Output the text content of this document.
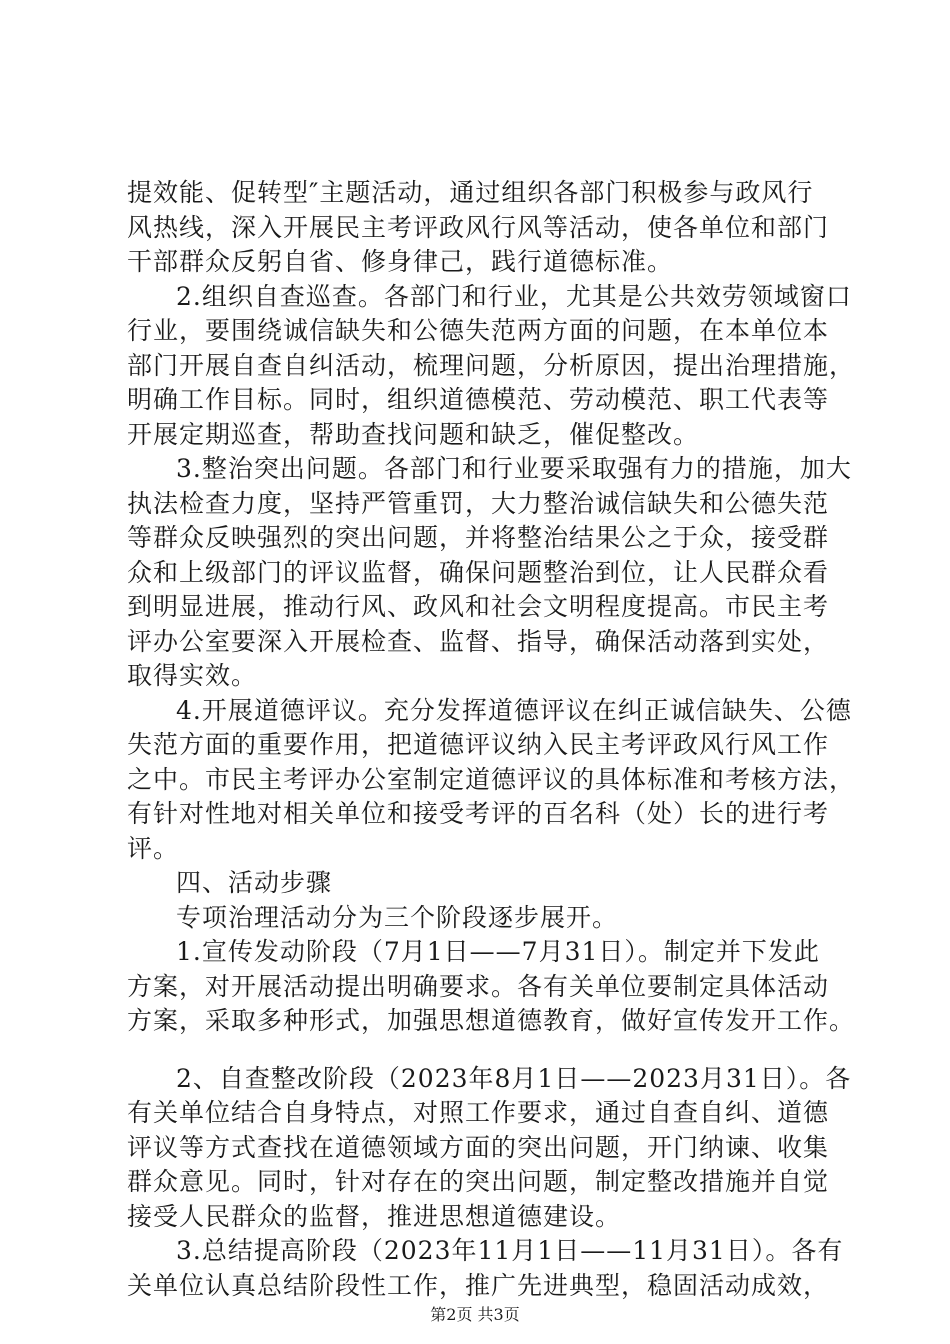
提效能、促转型″主题活动，通过组织各部门积极参与政风行
风热线，深入开展民主考评政风行风等活动，使各单位和部门
干部群众反躬自省、修身律己，践行道德标准。
2.组织自查巡查。各部门和行业，尤其是公共效劳领域窗口
行业，要围绕诚信缺失和公德失范两方面的问题，在本单位本
部门开展自查自纠活动，梳理问题，分析原因，提出治理措施，
明确工作目标。同时，组织道德模范、劳动模范、职工代表等
开展定期巡查，帮助查找问题和缺乏，催促整改。
3.整治突出问题。各部门和行业要采取强有力的措施，加大
执法检查力度，坚持严管重罚，大力整治诚信缺失和公德失范
等群众反映强烈的突出问题，并将整治结果公之于众，接受群
众和上级部门的评议监督，确保问题整治到位，让人民群众看
到明显进展，推动行风、政风和社会文明程度提高。市民主考
评办公室要深入开展检查、监督、指导，确保活动落到实处，
取得实效。
4.开展道德评议。充分发挥道德评议在纠正诚信缺失、公德
失范方面的重要作用，把道德评议纳入民主考评政风行风工作
之中。市民主考评办公室制定道德评议的具体标准和考核方法，
有针对性地对相关单位和接受考评的百名科（处）长的进行考
评。
四、活动步骤
专项治理活动分为三个阶段逐步展开。
1.宣传发动阶段（7月1日——7月31日）。制定并下发此
方案，对开展活动提出明确要求。各有关单位要制定具体活动
方案，采取多种形式，加强思想道德教育，做好宣传发开工作。
2、自查整改阶段（2023年8月1日——2023月31日）。各
有关单位结合自身特点，对照工作要求，通过自查自纠、道德
评议等方式查找在道德领域方面的突出问题，开门纳谏、收集
群众意见。同时，针对存在的突出问题，制定整改措施并自觉
接受人民群众的监督，推进思想道德建设。
3.总结提高阶段（2023年11月1日——11月31日）。各有
关单位认真总结阶段性工作，推广先进典型，稳固活动成效，
第2页 共3页
